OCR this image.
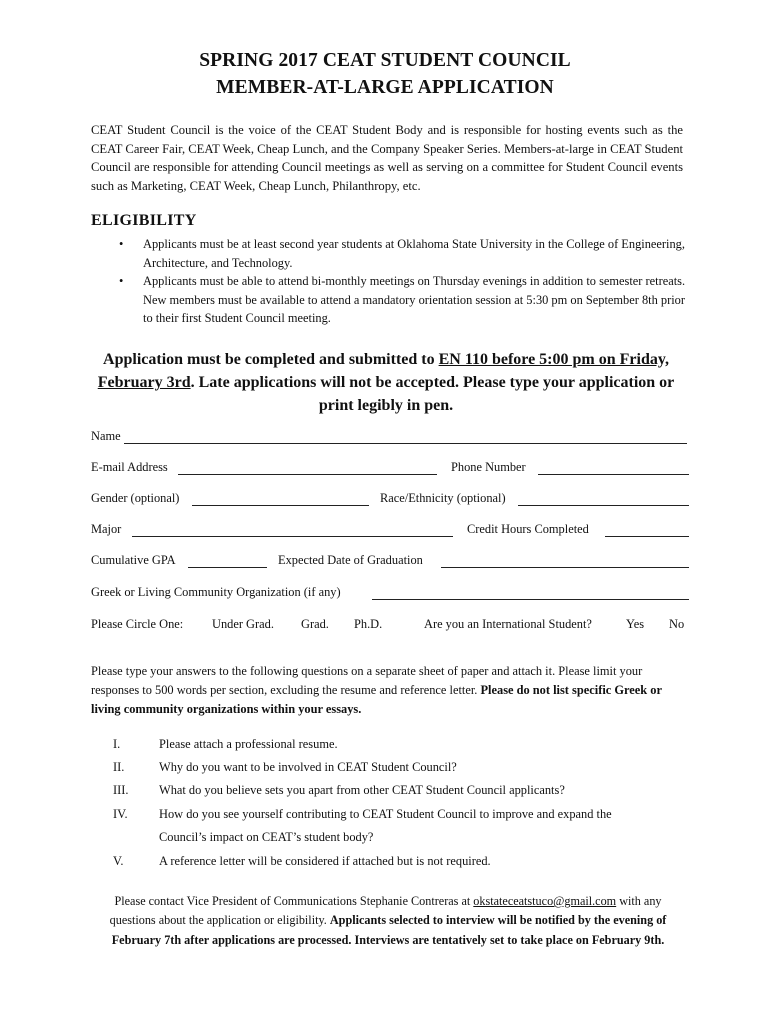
SPRING 2017 CEAT STUDENT COUNCIL
MEMBER-AT-LARGE APPLICATION

CEAT Student Council is the voice of the CEAT Student Body and is responsible for hosting events such as the CEAT Career Fair, CEAT Week, Cheap Lunch, and the Company Speaker Series. Members-at-large in CEAT Student Council are responsible for attending Council meetings as well as serving on a committee for Student Council events such as Marketing, CEAT Week, Cheap Lunch, Philanthropy, etc.

ELIGIBILITY
• Applicants must be at least second year students at Oklahoma State University in the College of Engineering, Architecture, and Technology.
• Applicants must be able to attend bi-monthly meetings on Thursday evenings in addition to semester retreats. New members must be available to attend a mandatory orientation session at 5:30 pm on September 8th prior to their first Student Council meeting.
Application must be completed and submitted to EN 110 before 5:00 pm on Friday, February 3rd. Late applications will not be accepted. Please type your application or print legibly in pen.
Name
E-mail Address	Phone Number
Gender (optional)	Race/Ethnicity (optional)
Major	Credit Hours Completed
Cumulative GPA	Expected Date of Graduation
Greek or Living Community Organization (if any)
Please Circle One: Under Grad. Grad. Ph.D.	Are you an International Student?	Yes No

Please type your answers to the following questions on a separate sheet of paper and attach it. Please limit your responses to 500 words per section, excluding the resume and reference letter. Please do not list specific Greek or living community organizations within your essays.

I.	Please attach a professional resume.
II.	Why do you want to be involved in CEAT Student Council?
III. What do you believe sets you apart from other CEAT Student Council applicants?
IV.	How do you see yourself contributing to CEAT Student Council to improve and expand the Council’s impact on CEAT’s student body?
V.	A reference letter will be considered if attached but is not required.

Please contact Vice President of Communications Stephanie Contreras at okstateceatstuco@gmail.com with any questions about the application or eligibility. Applicants selected to interview will be notified by the evening of February 7th after applications are processed. Interviews are tentatively set to take place on February 9th.
